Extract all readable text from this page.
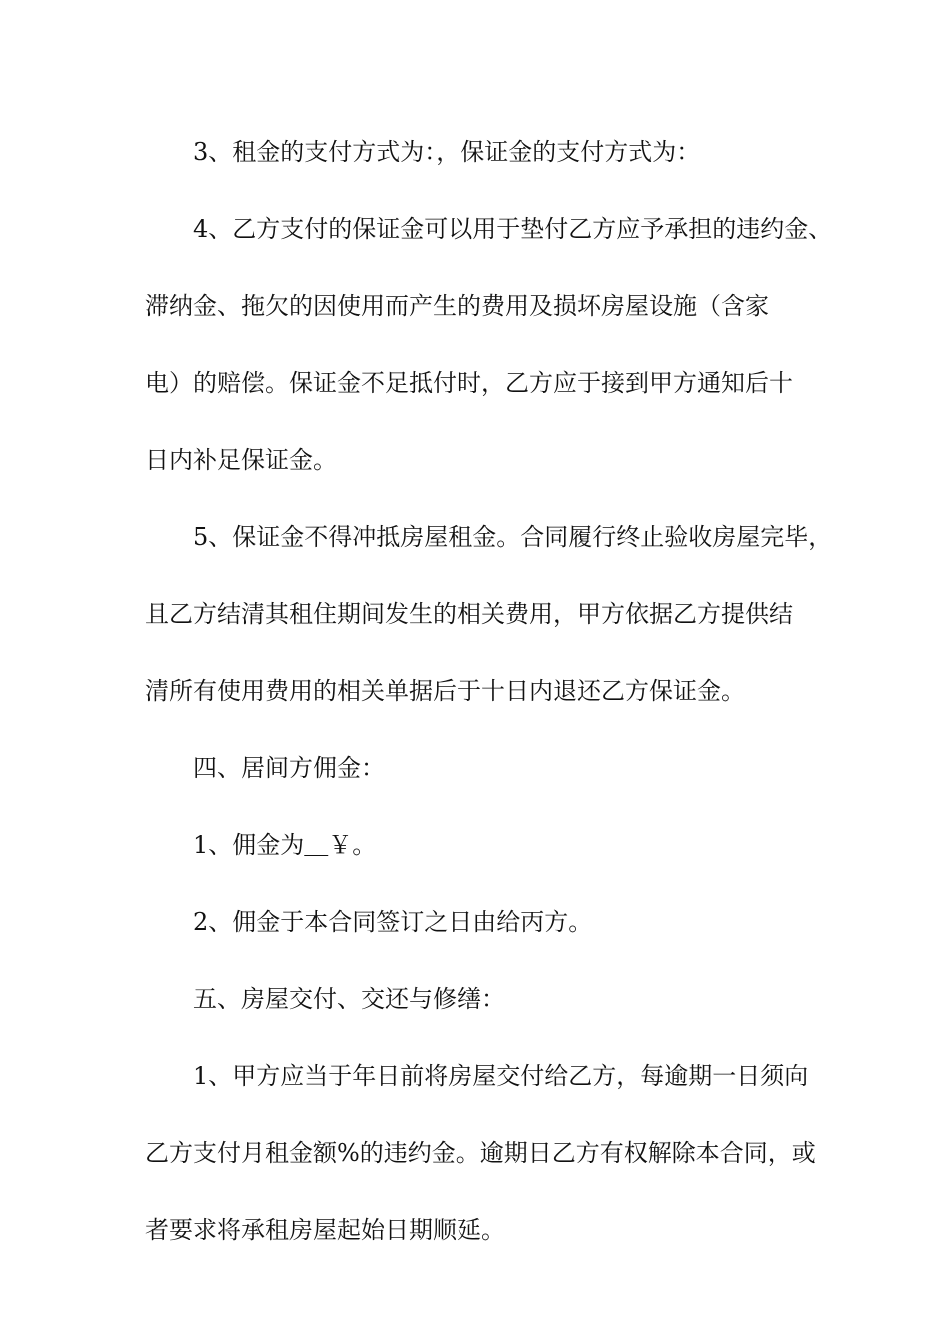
3、租金的支付方式为：，保证金的支付方式为：
4、乙方支付的保证金可以用于垫付乙方应予承担的违约金、
滞纳金、拖欠的因使用而产生的费用及损坏房屋设施（含家
电）的赔偿。保证金不足抵付时，乙方应于接到甲方通知后十
日内补足保证金。
5、保证金不得冲抵房屋租金。合同履行终止验收房屋完毕，
且乙方结清其租住期间发生的相关费用，甲方依据乙方提供结
清所有使用费用的相关单据后于十日内退还乙方保证金。
四、居间方佣金：
1、佣金为＿￥。
2、佣金于本合同签订之日由给丙方。
五、房屋交付、交还与修缮：
1、甲方应当于年日前将房屋交付给乙方，每逾期一日须向
乙方支付月租金额%的违约金。逾期日乙方有权解除本合同，或
者要求将承租房屋起始日期顺延。
